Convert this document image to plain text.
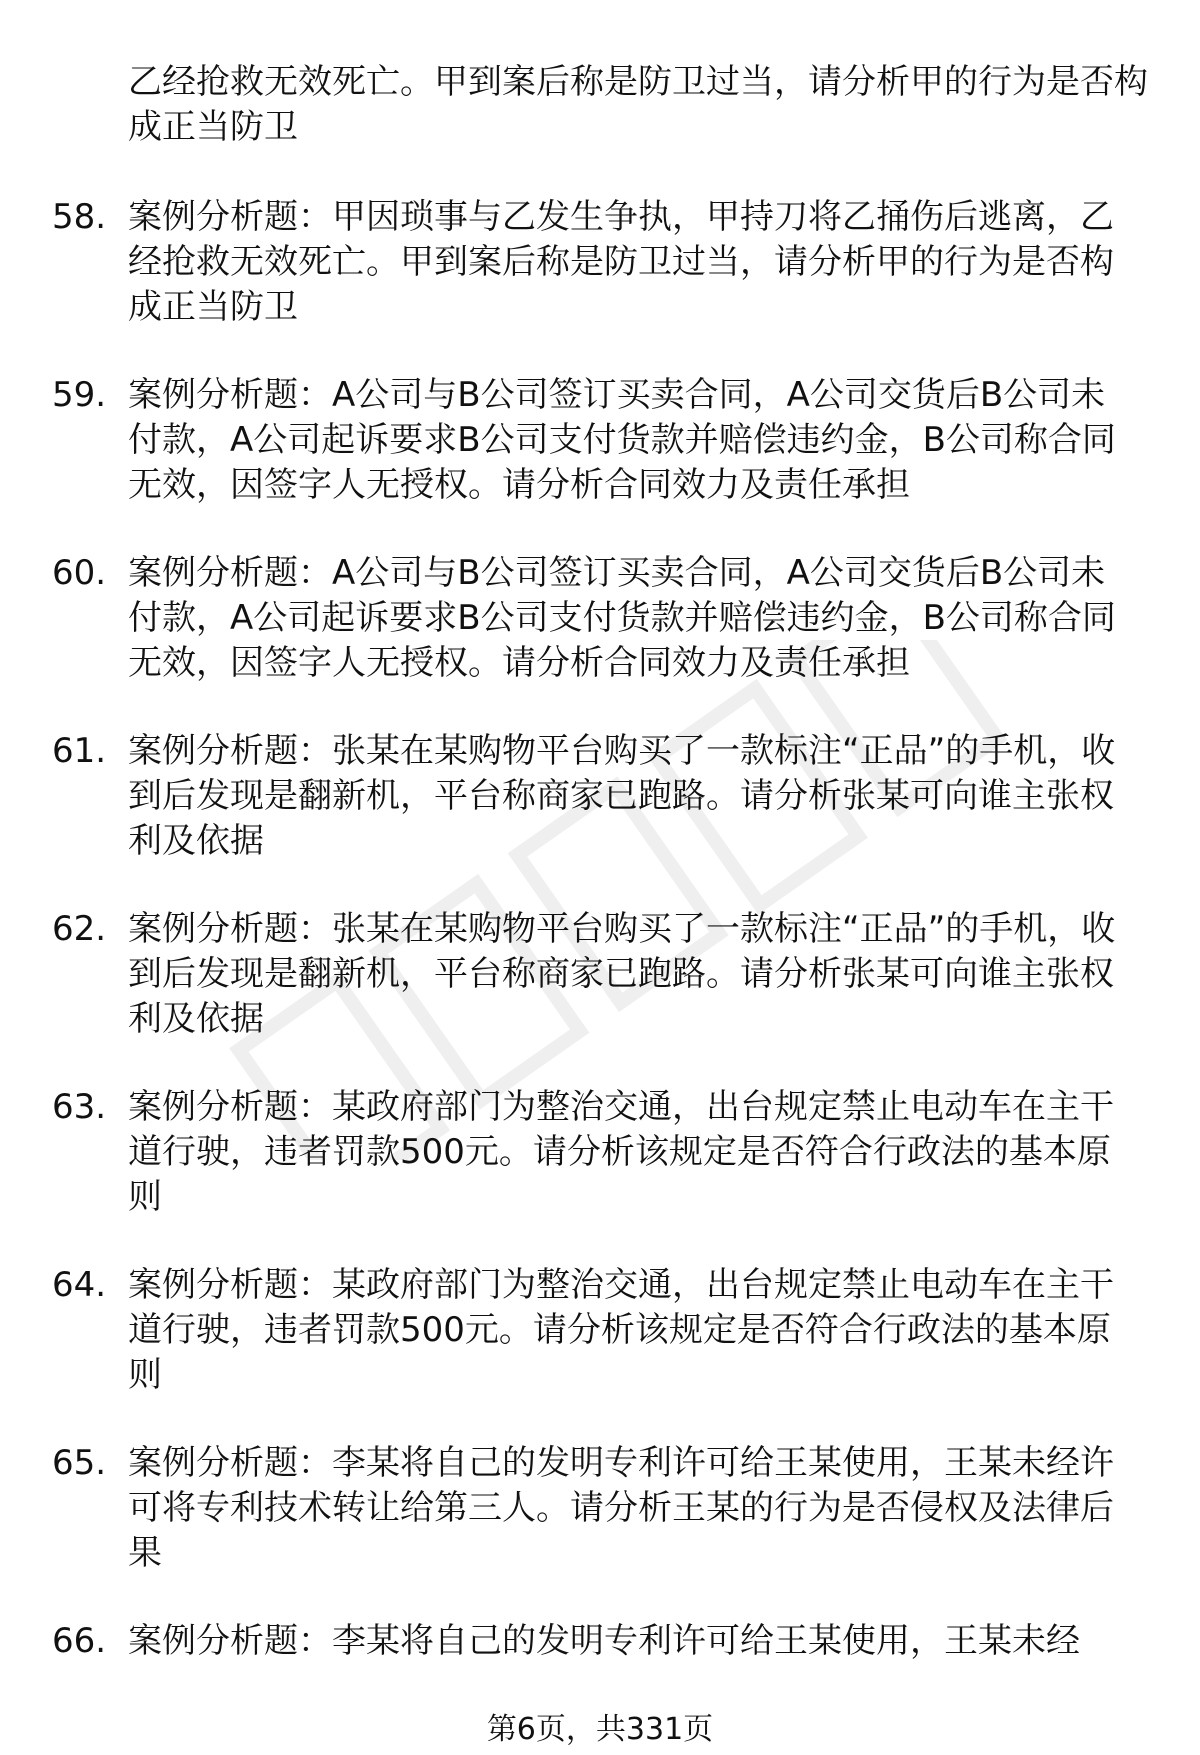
乙经抢救无效死亡。甲到案后称是防卫过当，请分析甲的行为是否构成正当防卫
58. 案例分析题：甲因琐事与乙发生争执，甲持刀将乙捅伤后逃离，乙经抢救无效死亡。甲到案后称是防卫过当，请分析甲的行为是否构成正当防卫
59. 案例分析题：A公司与B公司签订买卖合同，A公司交货后B公司未付款，A公司起诉要求B公司支付货款并赔偿违约金，B公司称合同无效，因签字人无授权。请分析合同效力及责任承担
60. 案例分析题：A公司与B公司签订买卖合同，A公司交货后B公司未付款，A公司起诉要求B公司支付货款并赔偿违约金，B公司称合同无效，因签字人无授权。请分析合同效力及责任承担
61. 案例分析题：张某在某购物平台购买了一款标注“正品”的手机，收到后发现是翻新机，平台称商家已跑路。请分析张某可向谁主张权利及依据
62. 案例分析题：张某在某购物平台购买了一款标注“正品”的手机，收到后发现是翻新机，平台称商家已跑路。请分析张某可向谁主张权利及依据
63. 案例分析题：某政府部门为整治交通，出台规定禁止电动车在主干道行驶，违者罚款500元。请分析该规定是否符合行政法的基本原则
64. 案例分析题：某政府部门为整治交通，出台规定禁止电动车在主干道行驶，违者罚款500元。请分析该规定是否符合行政法的基本原则
65. 案例分析题：李某将自己的发明专利许可给王某使用，王某未经许可将专利技术转让给第三人。请分析王某的行为是否侵权及法律后果
66. 案例分析题：李某将自己的发明专利许可给王某使用，王某未经
第6页，共331页
